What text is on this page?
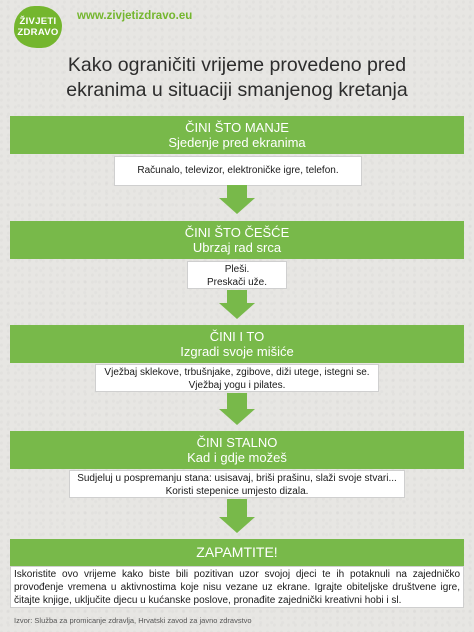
ŽIVJETI
ZDRAVO
www.zivjetizdravo.eu
Kako ograničiti vrijeme provedeno pred
ekranima u situaciji smanjenog kretanja
ČINI ŠTO MANJE
Sjedenje pred ekranima
Računalo, televizor, elektroničke igre, telefon.
ČINI ŠTO ČEŠĆE
Ubrzaj rad srca
Pleši.
Preskači uže.
ČINI I TO
Izgradi svoje mišiće
Vježbaj sklekove, trbušnjake, zgibove, diži utege, istegni se.
Vježbaj yogu i pilates.
ČINI STALNO
Kad i gdje možeš
Sudjeluj u pospremanju stana: usisavaj, briši prašinu, slaži svoje stvari...
Koristi stepenice umjesto dizala.
ZAPAMTITE!
Iskoristite ovo vrijeme kako biste bili pozitivan uzor svojoj djeci te ih potaknuli na zajedničko provođenje vremena u aktivnostima koje nisu vezane uz ekrane. Igrajte obiteljske društvene igre, čitajte knjige, uključite djecu u kućanske poslove, pronađite zajednički kreativni hobi i sl.
Izvor: Služba za promicanje zdravlja, Hrvatski zavod za javno zdravstvo
